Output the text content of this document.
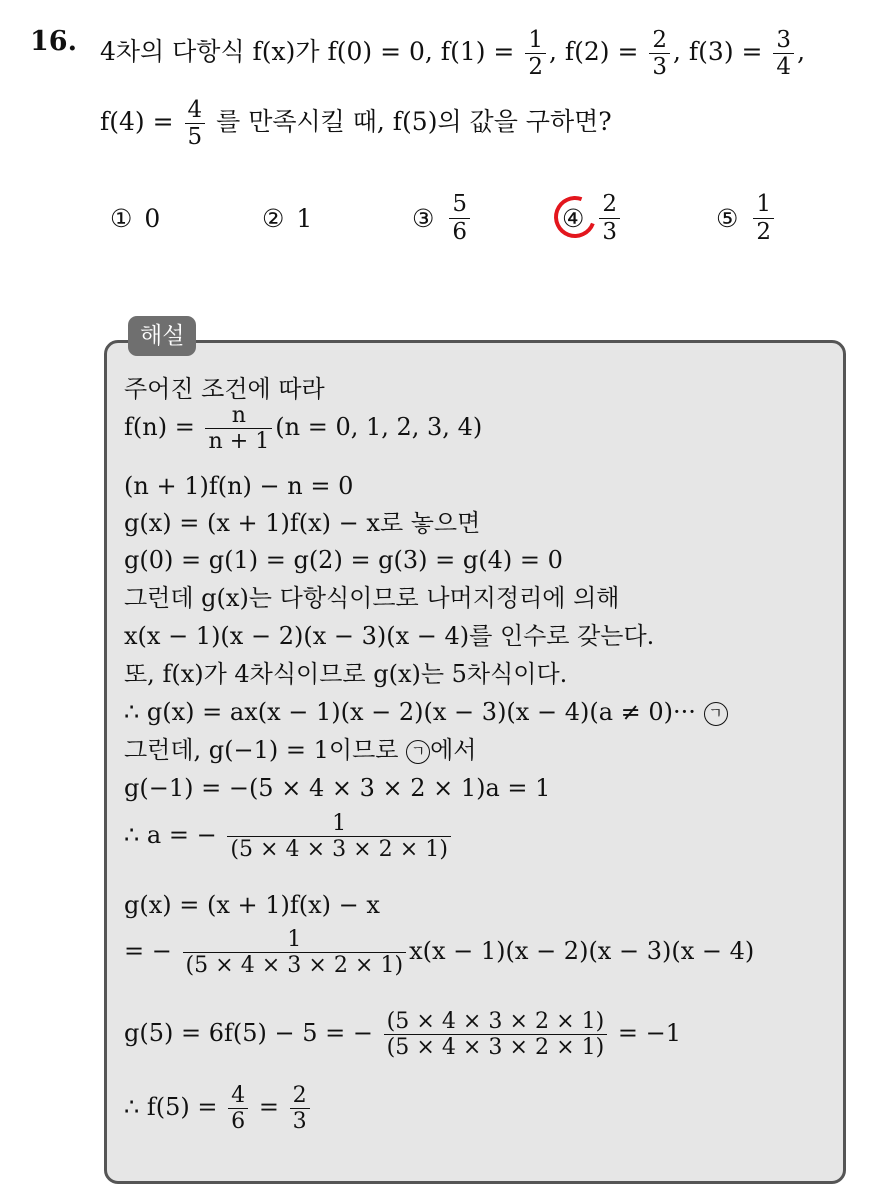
16. 4차의 다항식 f(x)가 f(0) = 0, $f(1) = \frac{1}{2}$ , $f(2) = \frac{2}{3}$ , $f(3) = \frac{3}{4}$ ,
$f(4) = \frac{4}{5}$ 를 만족시킬 때, f(5)의 값을 구하면?
① 0	② 1	③ $\frac{5}{6}$	④ $\frac{2}{3}$	⑤ $\frac{1}{2}$
해설
주어진 조건에 따라
$f(n) = \frac{n}{n + 1} (n = 0$, 1, 2, 3, 4)
(n + 1)f(n) − n = 0
g(x) = (x + 1)f(x) − x로 놓으면
g(0) = g(1) = g(2) = g(3) = g(4) = 0
그런데 g(x)는 다항식이므로 나머지정리에 의해
x(x − 1)(x − 2)(x − 3)(x − 4)를 인수로 갖는다.
또, f(x)가 4차식이므로 g(x)는 5차식이다.
∴ g(x) = ax(x − 1)(x − 2)(x − 3)(x − 4)(a ≠ 0)··· ㄱ
그런데, g(−1) = 1이므로 ㄱ 에서
g(−1) = −(5 × 4 × 3 × 2 × 1)a = 1
∴ a = − $\frac{1}{(5 \times 4 \times 3 \times 2 \times 1)}$
g(x) = (x + 1)f(x) − x
= − $\frac{1}{(5 \times 4 \times 3 \times 2 \times 1)} x(x - 1)(x - 2)(x - 3)(x - 4)$
g(5) = 6f(5) − 5 = − $\frac{(5 \times 4 \times 3 \times 2 \times 1)}{(5 \times 4 \times 3 \times 2 \times 1)} = -1$
∴ $f(5) = \frac{4}{6} = \frac{2}{3}$
